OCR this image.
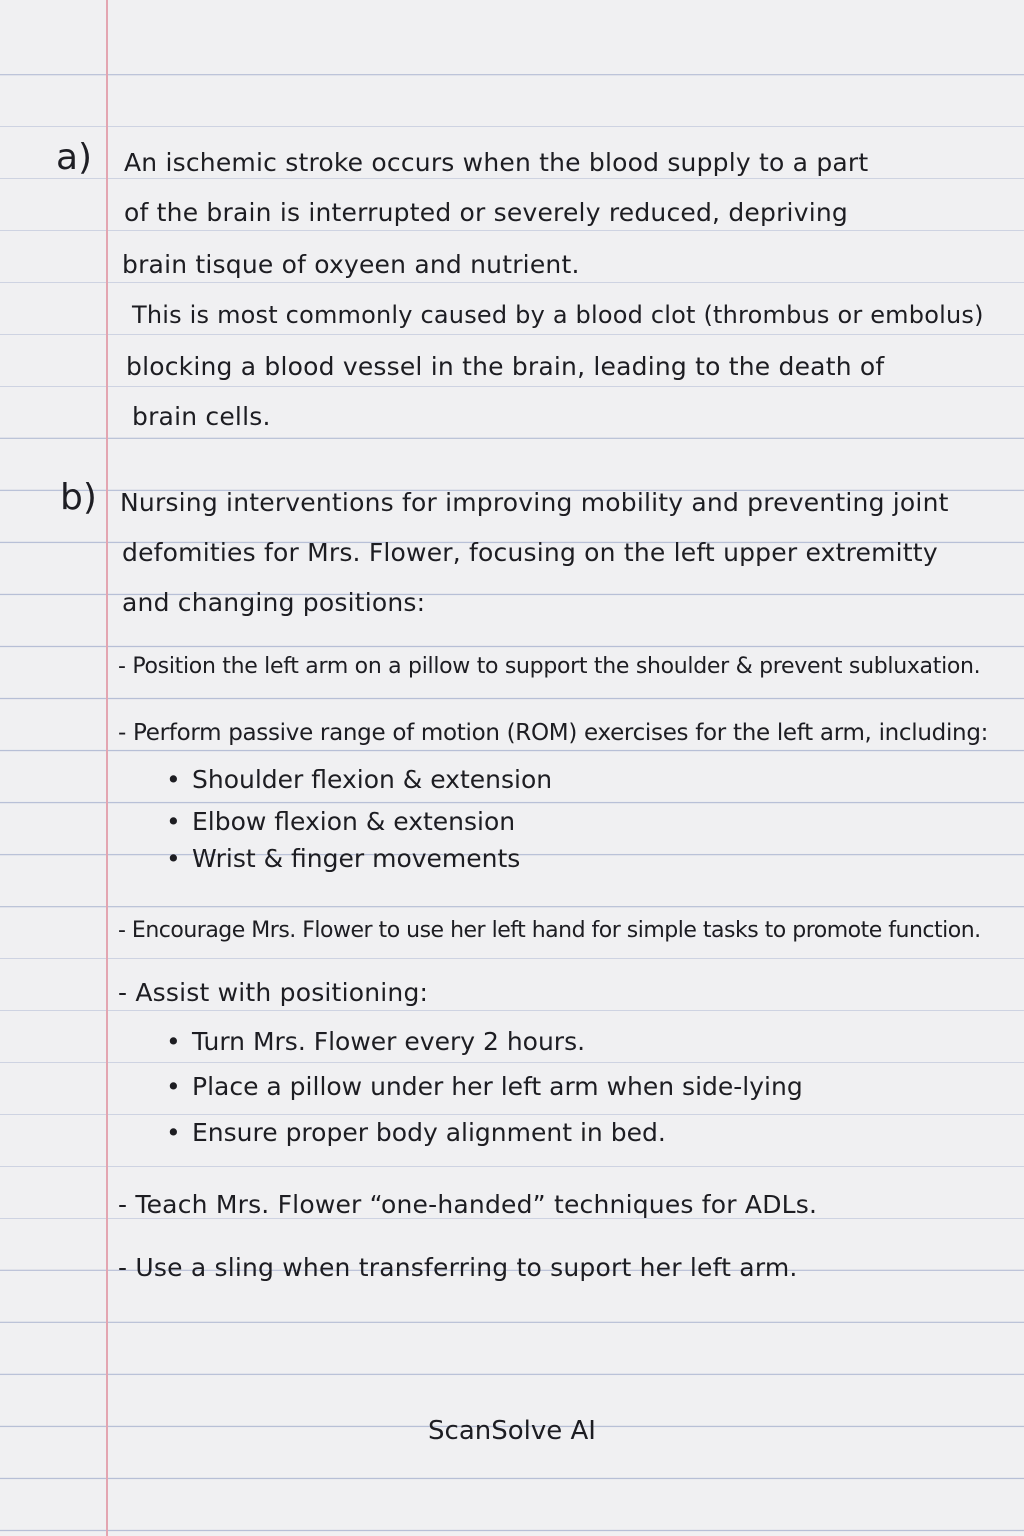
a) An ischemic stroke occurs when the blood supply to a part
of the brain is interrupted or severely reduced, depriving
brain tisque of oxyeen and nutrient.
This is most commonly caused by a blood clot (thrombus or embolus)
blocking a blood vessel in the brain, leading to the death of
brain cells.
b) Nursing interventions for improving mobility and preventing joint
defomities for Mrs. Flower, focusing on the left upper extremitty
and changing positions:
- Position the left arm on a pillow to support the shoulder & prevent subluxation.
- Perform passive range of motion (ROM) exercises for the left arm, including:
• Shoulder flexion & extension
• Elbow flexion & extension
• Wrist & finger movements
- Encourage Mrs. Flower to use her left hand for simple tasks to promote function.
- Assist with positioning:
• Turn Mrs. Flower every 2 hours.
• Place a pillow under her left arm when side-lying
• Ensure proper body alignment in bed.
- Teach Mrs. Flower “one-handed” techniques for ADLs.
- Use a sling when transferring to suport her left arm.
ScanSolve AI
